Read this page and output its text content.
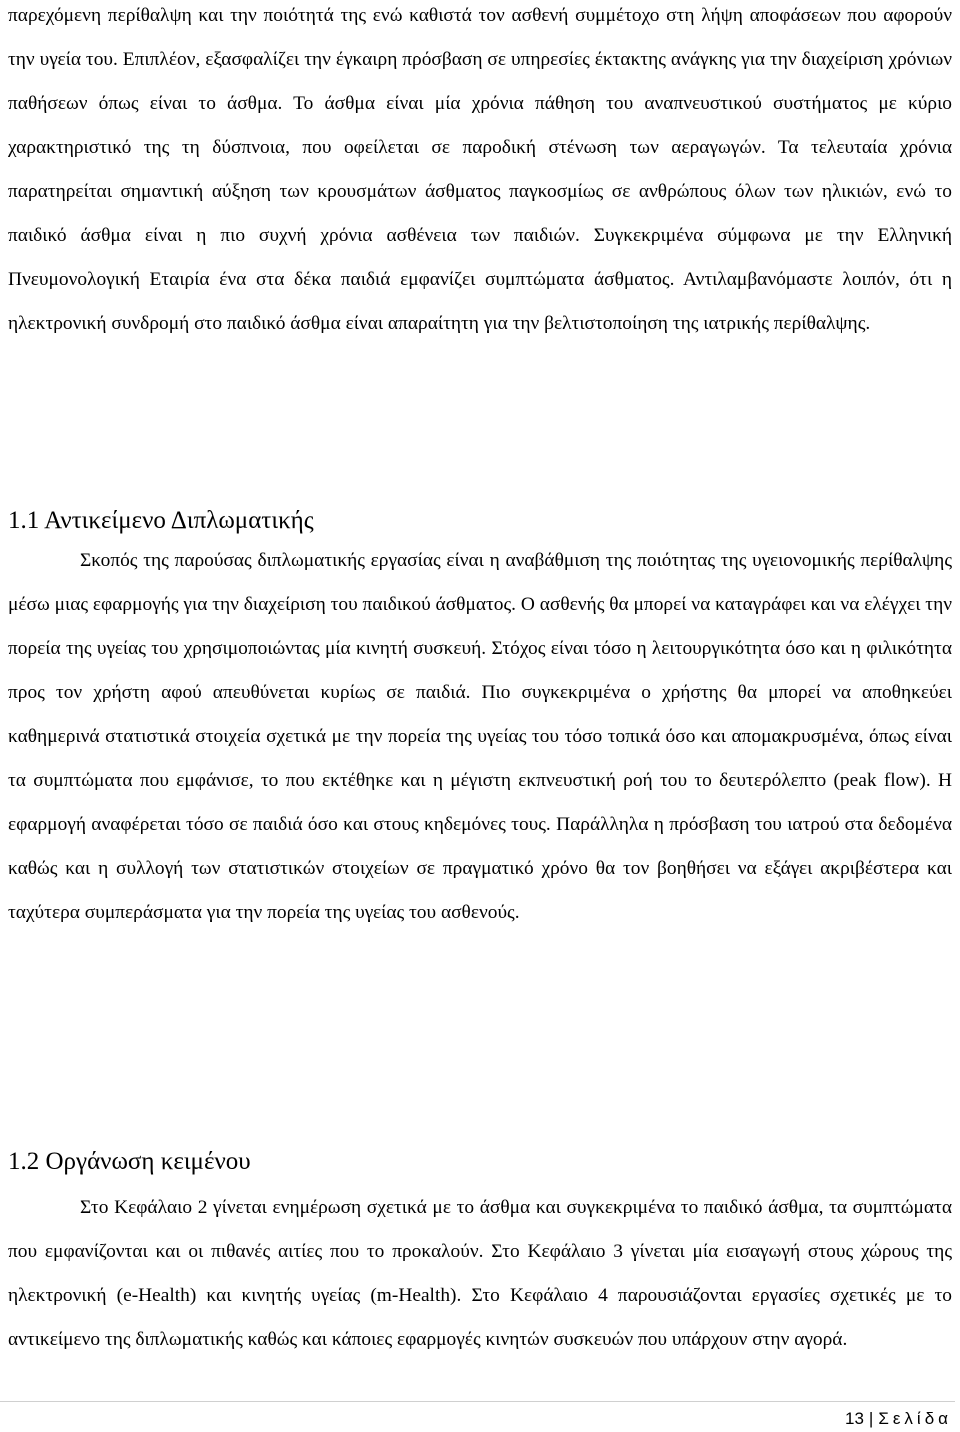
παρεχόμενη περίθαλψη και την ποιότητά της ενώ καθιστά τον ασθενή συμμέτοχο στη λήψη αποφάσεων που αφορούν την υγεία του. Επιπλέον, εξασφαλίζει την έγκαιρη πρόσβαση σε υπηρεσίες έκτακτης ανάγκης για την διαχείριση χρόνιων παθήσεων όπως είναι το άσθμα. Το άσθμα είναι μία χρόνια πάθηση του αναπνευστικού συστήματος με κύριο χαρακτηριστικό της τη δύσπνοια, που οφείλεται σε παροδική στένωση των αεραγωγών. Τα τελευταία χρόνια παρατηρείται σημαντική αύξηση των κρουσμάτων άσθματος παγκοσμίως σε ανθρώπους όλων των ηλικιών, ενώ το παιδικό άσθμα είναι η πιο συχνή χρόνια ασθένεια των παιδιών. Συγκεκριμένα σύμφωνα με την Ελληνική Πνευμονολογική Εταιρία ένα στα δέκα παιδιά εμφανίζει συμπτώματα άσθματος. Αντιλαμβανόμαστε λοιπόν, ότι η ηλεκτρονική συνδρομή στο παιδικό άσθμα είναι απαραίτητη για την βελτιστοποίηση της ιατρικής περίθαλψης.

1.1 Αντικείμενο Διπλωματικής

Σκοπός της παρούσας διπλωματικής εργασίας είναι η αναβάθμιση της ποιότητας της υγειονομικής περίθαλψης μέσω μιας εφαρμογής για την διαχείριση του παιδικού άσθματος. Ο ασθενής θα μπορεί να καταγράφει και να ελέγχει την πορεία της υγείας του χρησιμοποιώντας μία κινητή συσκευή. Στόχος είναι τόσο η λειτουργικότητα όσο και η φιλικότητα προς τον χρήστη αφού απευθύνεται κυρίως σε παιδιά. Πιο συγκεκριμένα ο χρήστης θα μπορεί να αποθηκεύει καθημερινά στατιστικά στοιχεία σχετικά με την πορεία της υγείας του τόσο τοπικά όσο και απομακρυσμένα, όπως είναι τα συμπτώματα που εμφάνισε, το που εκτέθηκε και η μέγιστη εκπνευστική ροή του το δευτερόλεπτο (peak flow). Η εφαρμογή αναφέρεται τόσο σε παιδιά όσο και στους κηδεμόνες τους. Παράλληλα η πρόσβαση του ιατρού στα δεδομένα καθώς και η συλλογή των στατιστικών στοιχείων σε πραγματικό χρόνο θα τον βοηθήσει να εξάγει ακριβέστερα και ταχύτερα συμπεράσματα για την πορεία της υγείας του ασθενούς.

1.2 Οργάνωση κειμένου

Στο Κεφάλαιο 2 γίνεται ενημέρωση σχετικά με το άσθμα και συγκεκριμένα το παιδικό άσθμα, τα συμπτώματα που εμφανίζονται και οι πιθανές αιτίες που το προκαλούν. Στο Κεφάλαιο 3 γίνεται μία εισαγωγή στους χώρους της ηλεκτρονική (e-Health) και κινητής υγείας (m-Health). Στο Κεφάλαιο 4 παρουσιάζονται εργασίες σχετικές με το αντικείμενο της διπλωματικής καθώς και κάποιες εφαρμογές κινητών συσκευών που υπάρχουν στην αγορά.

13 | Σελίδα
